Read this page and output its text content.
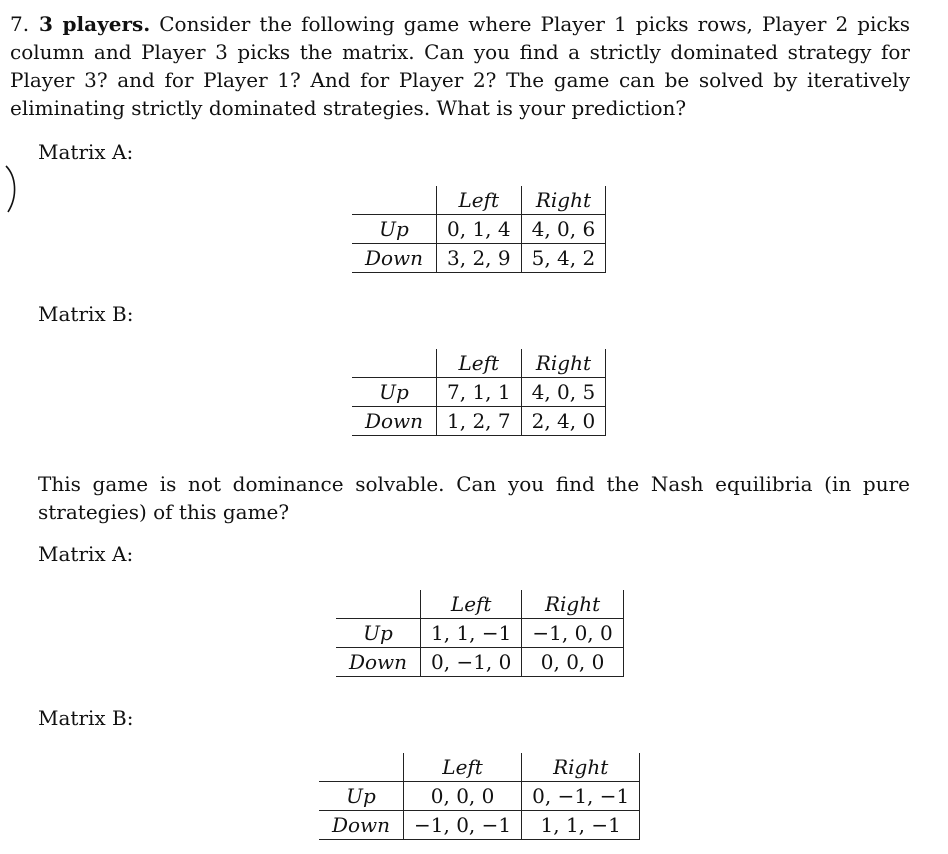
7. 3 players. Consider the following game where Player 1 picks rows, Player 2 picks column and Player 3 picks the matrix. Can you find a strictly dominated strategy for Player 3? and for Player 1? And for Player 2? The game can be solved by iteratively eliminating strictly dominated strategies. What is your prediction?
Matrix A:
	Left	Right
Up	0, 1, 4	4, 0, 6
Down	3, 2, 9	5, 4, 2
Matrix B:
	Left	Right
Up	7, 1, 1	4, 0, 5
Down	1, 2, 7	2, 4, 0
This game is not dominance solvable. Can you find the Nash equilibria (in pure strategies) of this game?
Matrix A:
	Left	Right
Up	1, 1, −1	−1, 0, 0
Down	0, −1, 0	0, 0, 0
Matrix B:
	Left	Right
Up	0, 0, 0	0, −1, −1
Down	−1, 0, −1	1, 1, −1
